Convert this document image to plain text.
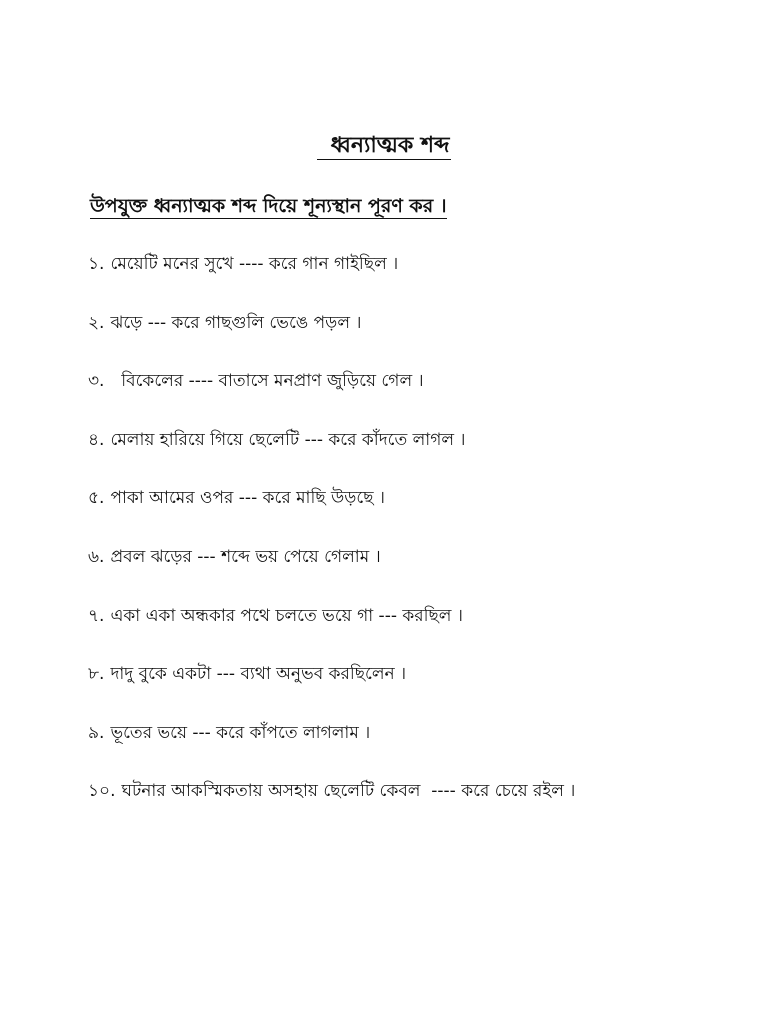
ধ্বন্যাত্মক শব্দ
উপযুক্ত ধ্বন্যাত্মক শব্দ দিয়ে শূন্যস্থান পূরণ কর ।
১. মেয়েটি মনের সুখে ---- করে গান গাইছিল ।
২. ঝড়ে --- করে গাছগুলি ভেঙে পড়ল ।
৩.  বিকেলের ---- বাতাসে মনপ্রাণ জুড়িয়ে গেল ।
৪. মেলায় হারিয়ে গিয়ে ছেলেটি --- করে কাঁদতে লাগল ।
৫. পাকা আমের ওপর --- করে মাছি উড়ছে ।
৬. প্রবল ঝড়ের --- শব্দে ভয় পেয়ে গেলাম ।
৭. একা একা অন্ধকার পথে চলতে ভয়ে গা --- করছিল ।
৮. দাদু বুকে একটা --- ব্যথা অনুভব করছিলেন ।
৯. ভূতের ভয়ে --- করে কাঁপতে লাগলাম ।
১০. ঘটনার আকস্মিকতায় অসহায় ছেলেটি কেবল  ---- করে চেয়ে রইল ।
